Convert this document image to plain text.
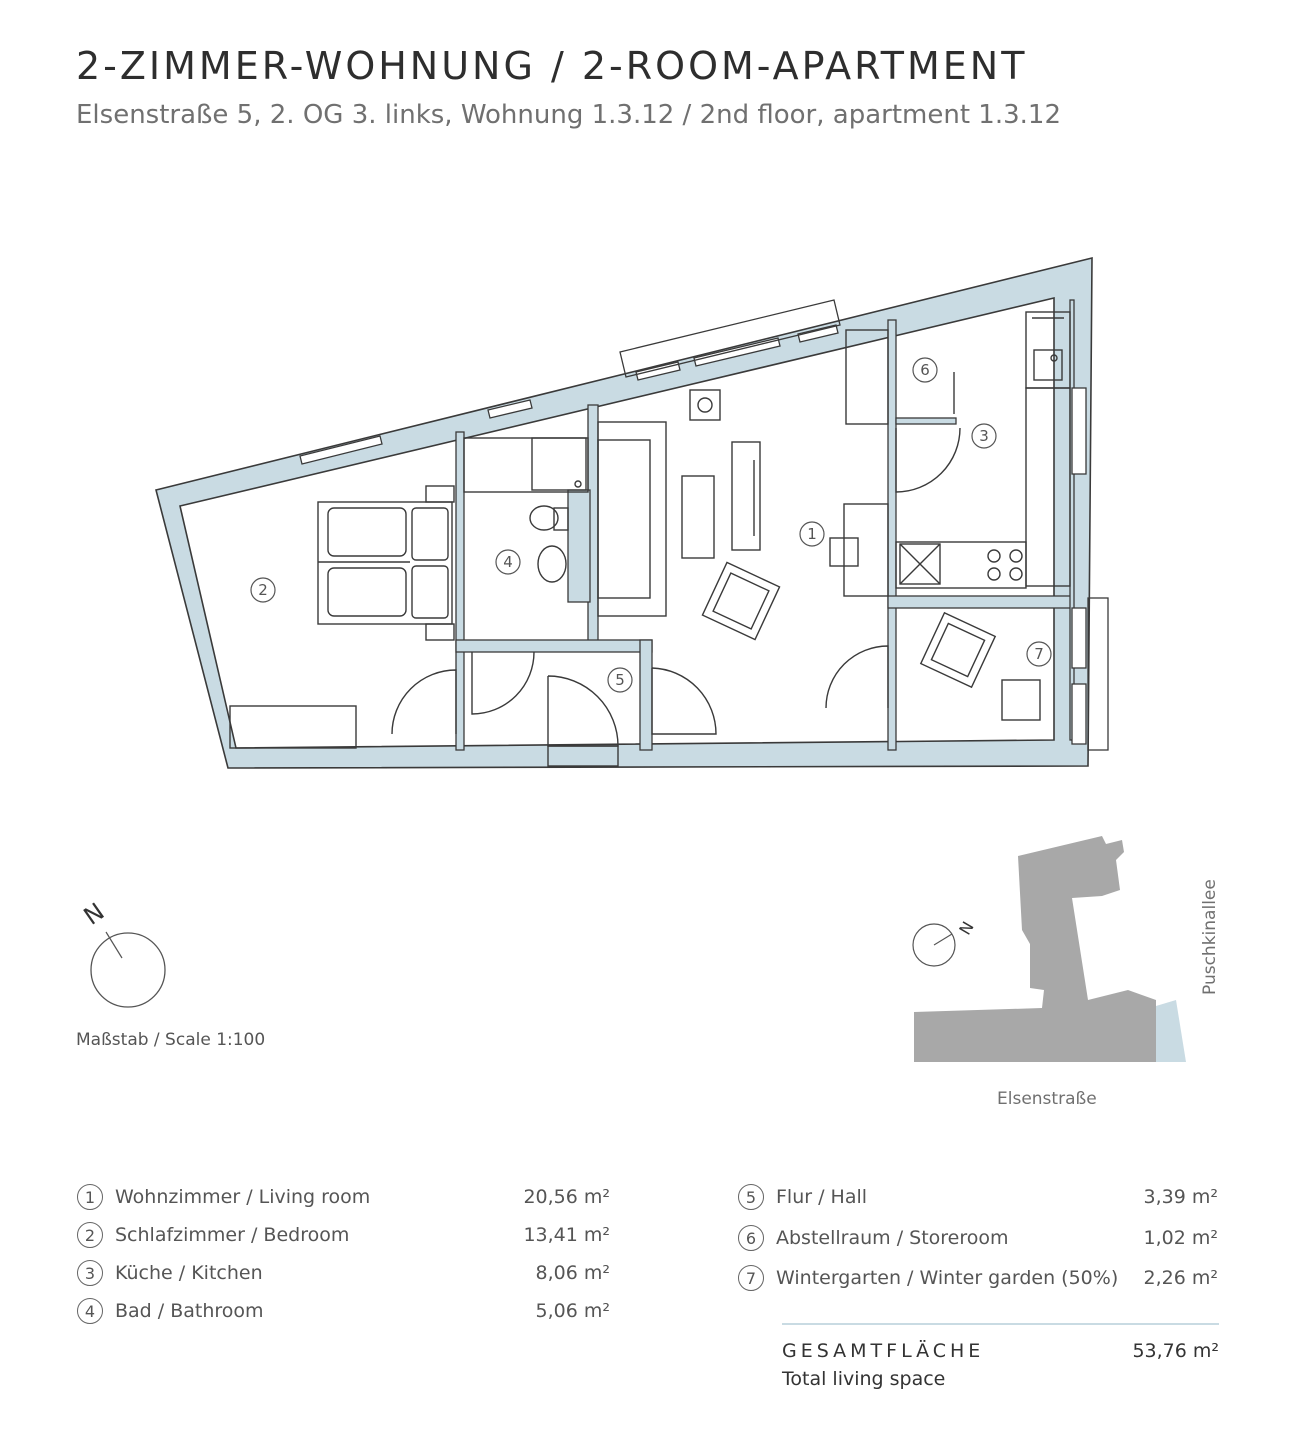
2-ZIMMER-WOHNUNG / 2-ROOM-APARTMENT

Elsenstraße 5, 2. OG 3. links, Wohnung 1.3.12 / 2nd floor, apartment 1.3.12

1
2
3
4
5
6
7
N	N
Maßstab / Scale 1:100
Puschkinallee
Elsenstraße
1	Wohnzimmer / Living room	20,56 m²
2	Schlafzimmer / Bedroom	13,41 m²
3	Küche / Kitchen	8,06 m²
4	Bad / Bathroom	5,06 m²
5	Flur / Hall	3,39 m²
6	Abstellraum / Storeroom	1,02 m²
7	Wintergarten / Winter garden (50%)	2,26 m²
GESAMTFLÄCHE
Total living space
53,76 m²
